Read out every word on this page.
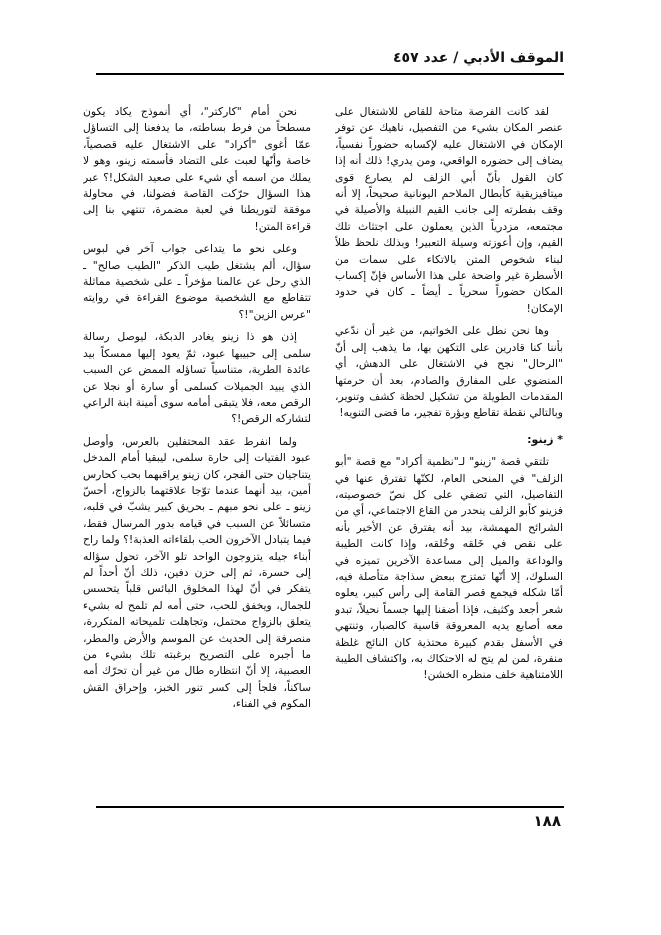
الموقف الأدبي / عدد ٤٥٧

لقد كانت الفرصة متاحة للقاص للاشتغال على عنصر المكان بشيء من التفصيل، ناهيك عن توفر الإمكان في الاشتغال عليه لإكسابه حضوراً نفسياً، يضاف إلى حضوره الواقعي، ومن يدري! ذلك أنه إذا كان القول بأنّ أبي الزلف لم يصارع قوى ميتافيزيقية كأبطال الملاحم اليونانية صحيحاً، إلا أنه وقف بفطرته إلى جانب القيم النبيلة والأصيلة في مجتمعه، مزدرياً الذين يعملون على اجتثاث تلك القيم، وإن أعوزته وسيلة التعبير! وبذلك نلحظ ظلاً لبناء شخوص المتن بالاتكاء على سمات من الأسطرة غير واضحة على هذا الأساس فإنّ إكساب المكان حضوراً سحرياً ـ أيضاً ـ كان في حدود الإمكان!

وها نحن نطل على الخواتيم، من غير أن ندّعي بأننا كنا قادرين على التكهن بها، ما يذهب إلى أنّ "الرحال" نجح في الاشتغال على الدهش، أي المنضوي على المفارق والصادم، بعد أن حرمتها المقدمات الطويلة من تشكيل لحظة كشف وتنوير، وبالتالي نقطة تقاطع وبؤرة تفجير، ما قضى التنويه!

* زينو:

تلتقي قصة "زينو" لـ"نظمية أكراد" مع قصة "أبو الزلف" في المنحى العام، لكنّها تفترق عنها في التفاصيل، التي تضفي على كل نصّ خصوصيته، فزينو كأبو الزلف ينحدر من القاع الاجتماعي، أي من الشرائح المهمشة، بيد أنه يفترق عن الأخير بأنه على نقص في خَلقه وخُلقه، وإذا كانت الطيبة والوداعة والميل إلى مساعدة الآخرين تميزه في السلوك، إلا أنّها تمتزج ببعض سذاجة متأصلة فيه، أمّا شكله فيجمع قصر القامة إلى رأس كبير، يعلوه شعر أجعد وكثيف، فإذا أضفنا إليها جسماً نحيلاً، تبدو معه أصابع يديه المعروقة قاسية كالصبار، وتنتهي في الأسفل بقدم كبيرة محتذية كان النائج غلظة منفرة، لمن لم يتح له الاحتكاك به، واكتشاف الطيبة اللامتناهية خلف منظره الخشن!

نحن أمام "كاركتر"، أي أنموذج يكاد يكون مسطحاً من فرط بساطته، ما يدفعنا إلى التساؤل عمّا أغوى "أكراد" على الاشتغال عليه قصصياً، خاصة وأنّها لعبت على التضاد فأسمته زينو، وهو لا يملك من اسمه أي شيء على صعيد الشكل!؟ عبر هذا السؤال حرّكت القاصة فضولنا، في محاولة موفقة لتوريطنا في لعبة مضمرة، تنتهي بنا إلى قراءة المتن!

وعلى نحو ما يتداعى جواب آخر في لبوس سؤال، ألم يشتغل طيب الذكر "الطيب صالح" ـ الذي رحل عن عالمنا مؤخراً ـ على شخصية مماثلة تتقاطع مع الشخصية موضوع القراءة في روايته "عرس الزين"!؟

إذن هو ذا زينو يغادر الدبكة، ليوصل رسالة سلمى إلى حبيبها عبود، ثمّ يعود إليها ممسكاً بيد عائدة الطرية، متناسياً تساؤله الممض عن السبب الذي يبيد الجميلات كسلمى أو سارة أو نجلا عن الرقص معه، فلا يتبقى أمامه سوى أمينة ابنة الراعي لتشاركه الرقص!؟

ولما انفرط عقد المحتفلين بالعرس، وأوصل عبود الفتيات إلى حارة سلمى، ليبقيا أمام المدخل يتناجيان حتى الفجر، كان زينو يراقبهما بحب كحارس أمين، بيد أنهما عندما توّجا علاقتهما بالزواج، أحسّ زينو ـ على نحو مبهم ـ بحريق كبير يشبّ في قلبه، متسائلاً عن السبب في قيامه بدور المرسال فقط، فيما يتبادل الآخرون الحب بلقاءاته العذبة!؟ ولما راح أبناء جيله يتزوجون الواحد تلو الآخر، تحول سؤاله إلى حسرة، ثم إلى حزن دفين، ذلك أنّ أحداً لم يتفكر في أنّ لهذا المخلوق البائس قلباً يتحسس للجمال، ويخفق للحب، حتى أمه لم تلمح له بشيء يتعلق بالزواج محتمل، وتجاهلت تلميحاته المتكررة، منصرفة إلى الحديث عن الموسم والأرض والمطر، ما أجبره على التصريح برغبته تلك بشيء من العصبية، إلا أنّ انتظاره طال من غير أن تحرّك أمه ساكناً، فلجأ إلى كسر تنور الخبز، وإحراق القش المكوم في الفناء،

١٨٨
